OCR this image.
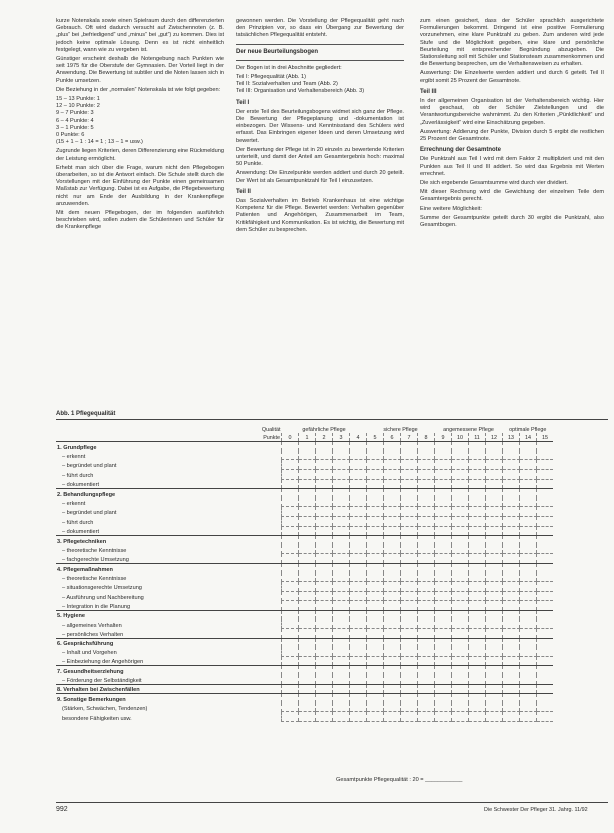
kurze Notenskala sowie einen Spielraum durch den differenzierten Gebrauch. Oft wird dadurch versucht auf Zwischennoten (z. B. „plus“ bei „befriedigend“ und „minus“ bei „gut“) zu kommen. Dies ist jedoch keine optimale Lösung. Denn es ist nicht einheitlich festgelegt, wann wie zu vergeben ist.

Günstiger erscheint deshalb die Notengebung nach Punkten wie seit 1975 für die Oberstufe der Gymnasien. Der Vorteil liegt in der Anwendung. Die Bewertung ist subtiler und die Noten lassen sich in Punkte umsetzen.

Die Beziehung in der „normalen“ Notenskala ist wie folgt gegeben:

15 – 13 Punkte: 1
12 – 10 Punkte: 2
9 – 7 Punkte: 3
6 – 4 Punkte: 4
3 – 1 Punkte: 5
0 Punkte: 6
(15 + 1 – 1 : 14 = 1 ; 13 – 1 = usw.)

Zugrunde liegen Kriterien, deren Differenzierung eine Rückmeldung der Leistung ermöglicht.

Erhebt man sich über die Frage, warum nicht den Pflegebogen überarbeiten, so ist die Antwort einfach. Die Schule stellt durch die Vorstellungen mit der Einführung der Punkte einen gemeinsamen Maßstab zur Verfügung. Dabei ist es Aufgabe, die Pflegebewertung nicht nur am Ende der Ausbildung in der Krankenpflege anzuwenden.

Mit dem neuen Pflegebogen, der im folgenden ausführlich beschrieben wird, sollen zudem die Schülerinnen und Schüler für die Krankenpflege

gewonnen werden. Die Vorstellung der Pflegequalität geht nach den Prinzipien vor, so dass ein Übergang zur Bewertung der tatsächlichen Pflegequalität entsteht.

Der neue Beurteilungsbogen

Der Bogen ist in drei Abschnitte gegliedert:

Teil I: Pflegequalität (Abb. 1)
Teil II: Sozialverhalten und Team (Abb. 2)
Teil III: Organisation und Verhaltensbereich (Abb. 3)
Teil I

Der erste Teil des Beurteilungsbogens widmet sich ganz der Pflege. Die Bewertung der Pflegeplanung und -dokumentation ist einbezogen. Der Wissens- und Kenntnisstand des Schülers wird erfasst. Das Einbringen eigener Ideen und deren Umsetzung wird bewertet.

Der Bewertung der Pflege ist in 20 einzeln zu bewertende Kriterien unterteilt, und damit der Anteil am Gesamtergebnis hoch: maximal 50 Punkte.

Anwendung: Die Einzelpunkte werden addiert und durch 20 geteilt. Der Wert ist als Gesamtpunktzahl für Teil I einzusetzen.

Teil II

Das Sozialverhalten im Betrieb Krankenhaus ist eine wichtige Kompetenz für die Pflege. Bewertet werden: Verhalten gegenüber Patienten und Angehörigen, Zusammenarbeit im Team, Kritikfähigkeit und Kommunikation. Es ist wichtig, die Bewertung mit dem Schüler zu besprechen.

zum einen gesichert, dass der Schüler sprachlich ausgerichtete Formulierungen bekommt. Dringend ist eine positive Formulierung vorzunehmen, eine klare Punktzahl zu geben. Zum anderen wird jede Stufe und die Möglichkeit gegeben, eine klare und persönliche Beurteilung mit entsprechender Begründung abzugeben. Die Stationsleitung soll mit Schüler und Stationsteam zusammenkommen und die Bewertung besprechen, um die Verhaltensweisen zu erhalten.

Auswertung: Die Einzelwerte werden addiert und durch 6 geteilt. Teil II ergibt somit 25 Prozent der Gesamtnote.

Teil III

In der allgemeinen Organisation ist der Verhaltensbereich wichtig. Hier wird geschaut, ob der Schüler Zielstellungen und die Verantwortungsbereiche wahrnimmt. Zu den Kriterien „Pünktlichkeit“ und „Zuverlässigkeit“ wird eine Einschätzung gegeben.

Auswertung: Addierung der Punkte, Division durch 5 ergibt die restlichen 25 Prozent der Gesamtnote.

Errechnung der Gesamtnote

Die Punktzahl aus Teil I wird mit dem Faktor 2 multipliziert und mit den Punkten aus Teil II und III addiert. So wird das Ergebnis mit Werten errechnet.

Die sich ergebende Gesamtsumme wird durch vier dividiert.

Mit dieser Rechnung wird die Gewichtung der einzelnen Teile dem Gesamtergebnis gerecht.

Eine weitere Möglichkeit:

Summe der Gesamtpunkte geteilt durch 30 ergibt die Punktzahl, also Gesamtbogen.

Abb. 1 Pflegequalität
	Qualität	gefährliche Pflege					sichere Pflege				angemessene Pflege				optimale Pflege		
	Punkte	0	1	2	3	4	5	6	7	8	9	10	11	12	13	14	15
1. Grundpflege																	
– erkennt																	
– begründet und plant																	
– führt durch																	
– dokumentiert																	
2. Behandlungspflege																	
– erkennt																	
– begründet und plant																	
– führt durch																	
– dokumentiert																	
3. Pflegetechniken																	
– theoretische Kenntnisse																	
– fachgerechte Umsetzung																	
4. Pflegemaßnahmen																	
– theoretische Kenntnisse																	
– situationsgerechte Umsetzung																	
– Ausführung und Nachbereitung																	
– Integration in die Planung																	
5. Hygiene																	
– allgemeines Verhalten																	
– persönliches Verhalten																	
6. Gesprächsführung																	
– Inhalt und Vorgehen																	
– Einbeziehung der Angehörigen																	
7. Gesundheitserziehung																	
– Förderung der Selbständigkeit																	
8. Verhalten bei Zwischenfällen																	
9. Sonstige Bemerkungen																	
(Stärken, Schwächen, Tendenzen)																	
besondere Fähigkeiten usw.																	
Gesamtpunkte Pflegequalität : 20 = ____________
992	Die Schwester Der Pfleger 31. Jahrg. 11/92
